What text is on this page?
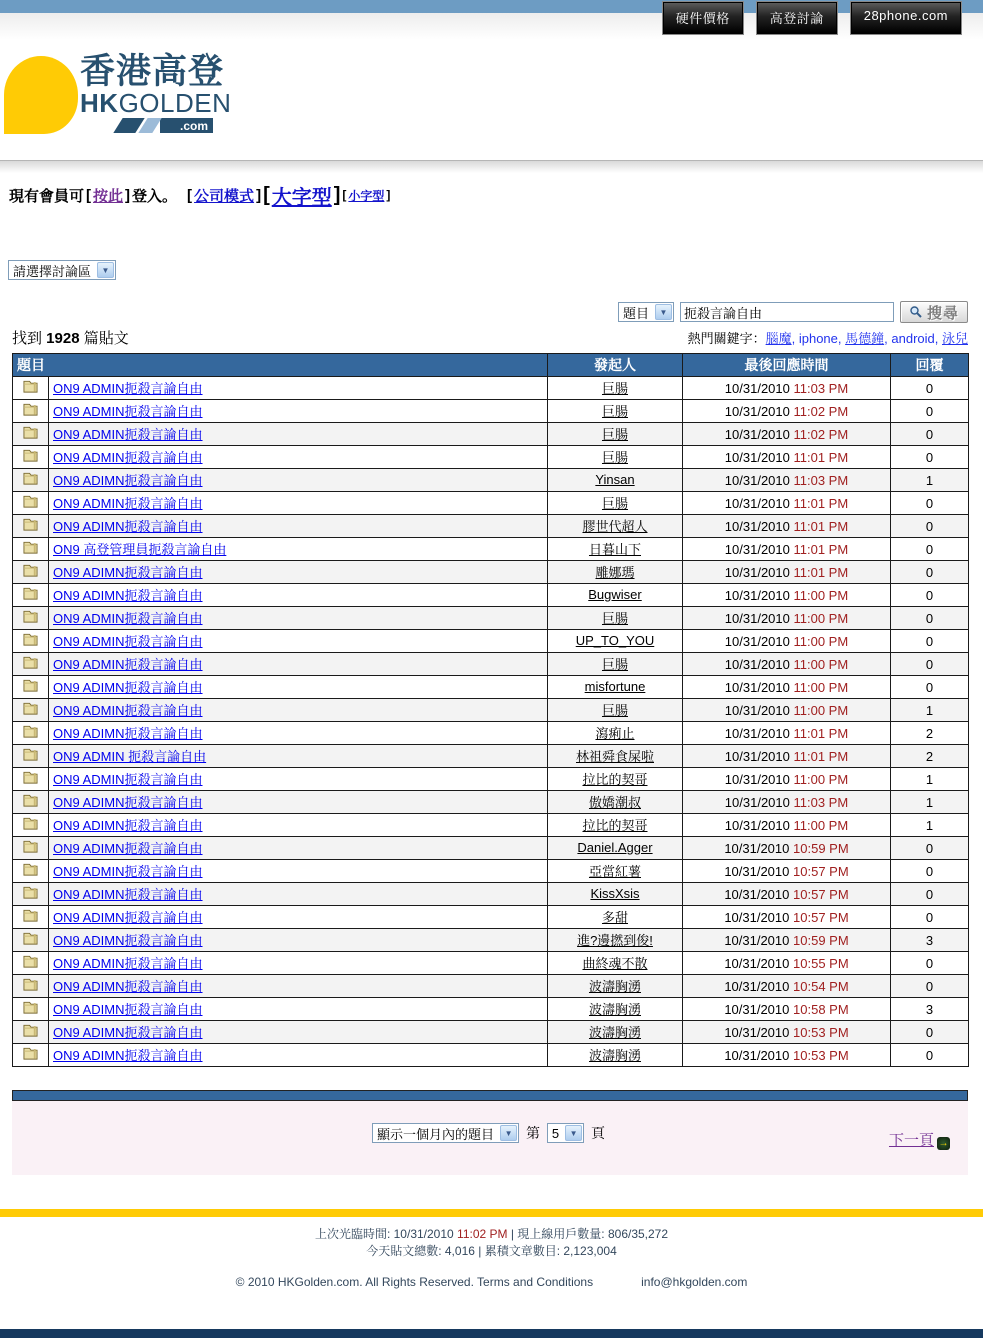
硬件價格	高登討論	28phone.com
香港高登
HKGOLDEN
.com
現有會員可 [ 按此 ] 登入。 [ 公司模式 ] [ 大字型 ] [ 小字型 ]
請選擇討論區	▼
題目	▼
扼殺言論自由	搜尋
找到 1928 篇貼文	熱門關鍵字：腦魔, iphone, 馬德鐘, android, 泳兒
題目		發起人	最後回應時間	回覆
	ON9 ADMIN扼殺言論自由	巨腸	10/31/2010 11:03 PM	0
	ON9 ADMIN扼殺言論自由	巨腸	10/31/2010 11:02 PM	0
	ON9 ADMIN扼殺言論自由	巨腸	10/31/2010 11:02 PM	0
	ON9 ADMIN扼殺言論自由	巨腸	10/31/2010 11:01 PM	0
	ON9 ADIMN扼殺言論自由	Yinsan	10/31/2010 11:03 PM	1
	ON9 ADMIN扼殺言論自由	巨腸	10/31/2010 11:01 PM	0
	ON9 ADIMN扼殺言論自由	膠世代超人	10/31/2010 11:01 PM	0
	ON9 高登管理員扼殺言論自由	日暮山下	10/31/2010 11:01 PM	0
	ON9 ADIMN扼殺言論自由	雕娜瑪	10/31/2010 11:01 PM	0
	ON9 ADIMN扼殺言論自由	Bugwiser	10/31/2010 11:00 PM	0
	ON9 ADMIN扼殺言論自由	巨腸	10/31/2010 11:00 PM	0
	ON9 ADMIN扼殺言論自由	UP_TO_YOU	10/31/2010 11:00 PM	0
	ON9 ADMIN扼殺言論自由	巨腸	10/31/2010 11:00 PM	0
	ON9 ADIMN扼殺言論自由	misfortune	10/31/2010 11:00 PM	0
	ON9 ADMIN扼殺言論自由	巨腸	10/31/2010 11:00 PM	1
	ON9 ADIMN扼殺言論自由	瀉痢止	10/31/2010 11:01 PM	2
	ON9 ADMIN 扼殺言論自由	林祖舜食屎啦	10/31/2010 11:01 PM	2
	ON9 ADMIN扼殺言論自由	拉比的契哥	10/31/2010 11:00 PM	1
	ON9 ADIMN扼殺言論自由	傲嬌潮叔	10/31/2010 11:03 PM	1
	ON9 ADIMN扼殺言論自由	拉比的契哥	10/31/2010 11:00 PM	1
	ON9 ADIMN扼殺言論自由	Daniel.Agger	10/31/2010 10:59 PM	0
	ON9 ADMIN扼殺言論自由	亞當紅薯	10/31/2010 10:57 PM	0
	ON9 ADIMN扼殺言論自由	KissXsis	10/31/2010 10:57 PM	0
	ON9 ADIMN扼殺言論自由	多甜	10/31/2010 10:57 PM	0
	ON9 ADIMN扼殺言論自由	進?邊撚到俊!	10/31/2010 10:59 PM	3
	ON9 ADMIN扼殺言論自由	曲終魂不散	10/31/2010 10:55 PM	0
	ON9 ADIMN扼殺言論自由	波濤胸湧	10/31/2010 10:54 PM	0
	ON9 ADIMN扼殺言論自由	波濤胸湧	10/31/2010 10:58 PM	3
	ON9 ADIMN扼殺言論自由	波濤胸湧	10/31/2010 10:53 PM	0
	ON9 ADIMN扼殺言論自由	波濤胸湧	10/31/2010 10:53 PM	0
顯示一個月內的題目	▼ 第 5	▼ 頁	下一頁 →
上次光臨時間: 10/31/2010 11:02 PM | 現上線用戶數量: 806/35,272
今天貼文總數: 4,016 | 累積文章數目: 2,123,004
© 2010 HKGolden.com. All Rights Reserved. Terms and Conditions	info@hkgolden.com
